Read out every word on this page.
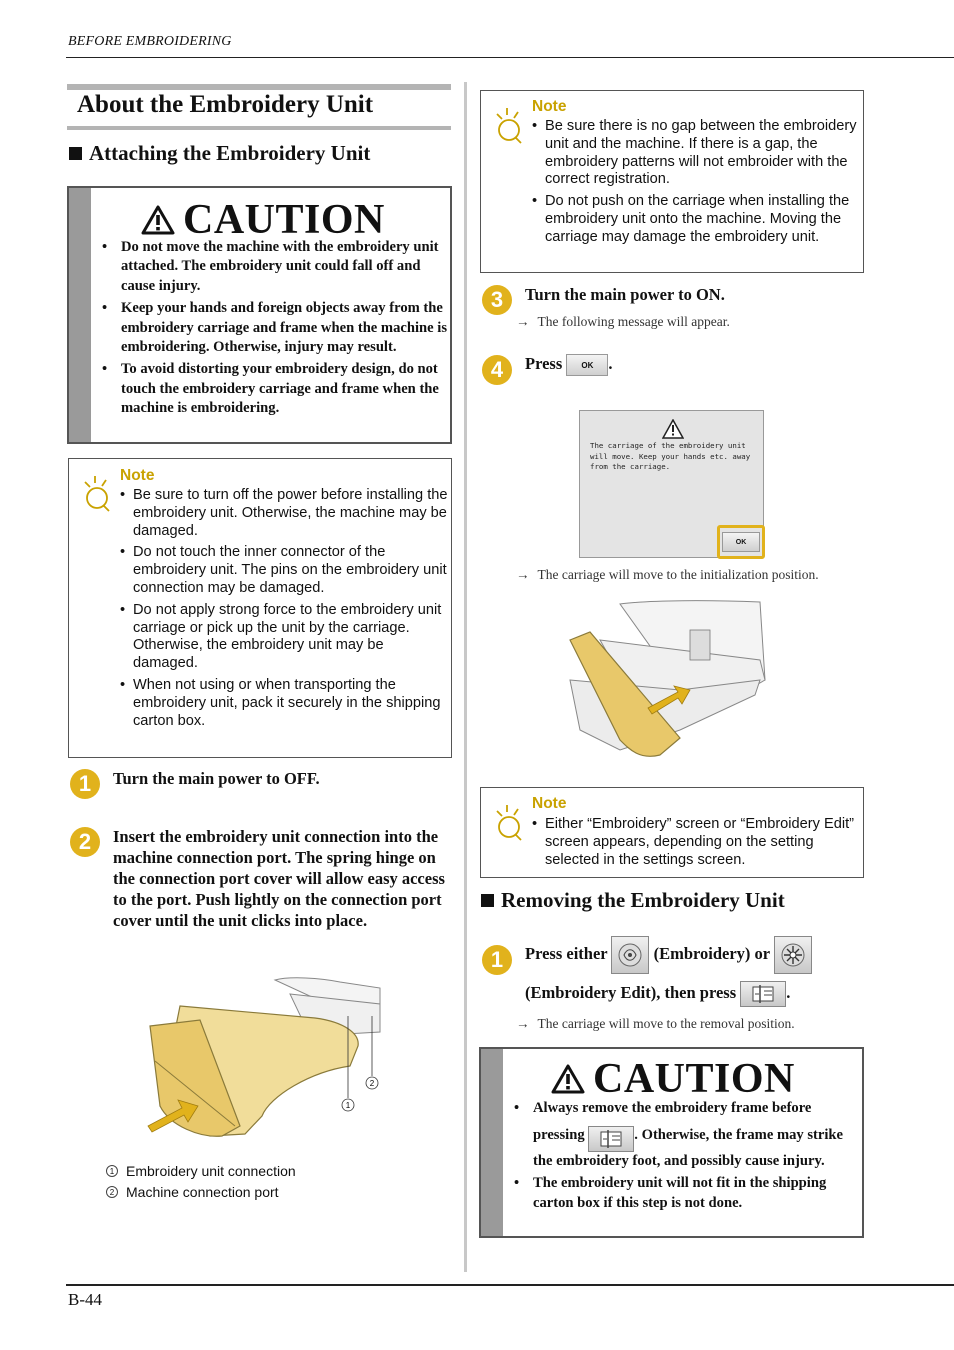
BEFORE EMBROIDERING
About the Embroidery Unit
Attaching the Embroidery Unit
CAUTION
• Do not move the machine with the embroidery unit attached. The embroidery unit could fall off and cause injury.
• Keep your hands and foreign objects away from the embroidery carriage and frame when the machine is embroidering. Otherwise, injury may result.
• To avoid distorting your embroidery design, do not touch the embroidery carriage and frame when the machine is embroidering.
Note
• Be sure to turn off the power before installing the embroidery unit. Otherwise, the machine may be damaged.
• Do not touch the inner connector of the embroidery unit. The pins on the embroidery unit connection may be damaged.
• Do not apply strong force to the embroidery unit carriage or pick up the unit by the carriage. Otherwise, the embroidery unit may be damaged.
• When not using or when transporting the embroidery unit, pack it securely in the shipping carton box.
1	Turn the main power to OFF.
2	Insert the embroidery unit connection into the machine connection port. The spring hinge on the connection port cover will allow easy access to the port. Push lightly on the connection port cover until the unit clicks into place.
1
2
1 Embroidery unit connection
2 Machine connection port
Note
• Be sure there is no gap between the embroidery unit and the machine. If there is a gap, the embroidery patterns will not embroider with the correct registration.
• Do not push on the carriage when installing the embroidery unit onto the machine. Moving the carriage may damage the embroidery unit.
3	Turn the main power to ON.
→ The following message will appear.
4	Press OK .
The carriage of the embroidery unit will move. Keep your hands etc. away from the carriage.
OK
→ The carriage will move to the initialization position.
Note
• Either “Embroidery” screen or “Embroidery Edit” screen appears, depending on the setting selected in the settings screen.
Removing the Embroidery Unit
1	Press either	(Embroidery) or

(Embroidery Edit), then press	.
→ The carriage will move to the removal position.
CAUTION
• Always remove the embroidery frame before
pressing	. Otherwise, the frame may strike the embroidery foot, and possibly cause injury.
• The embroidery unit will not fit in the shipping carton box if this step is not done.
B-44
